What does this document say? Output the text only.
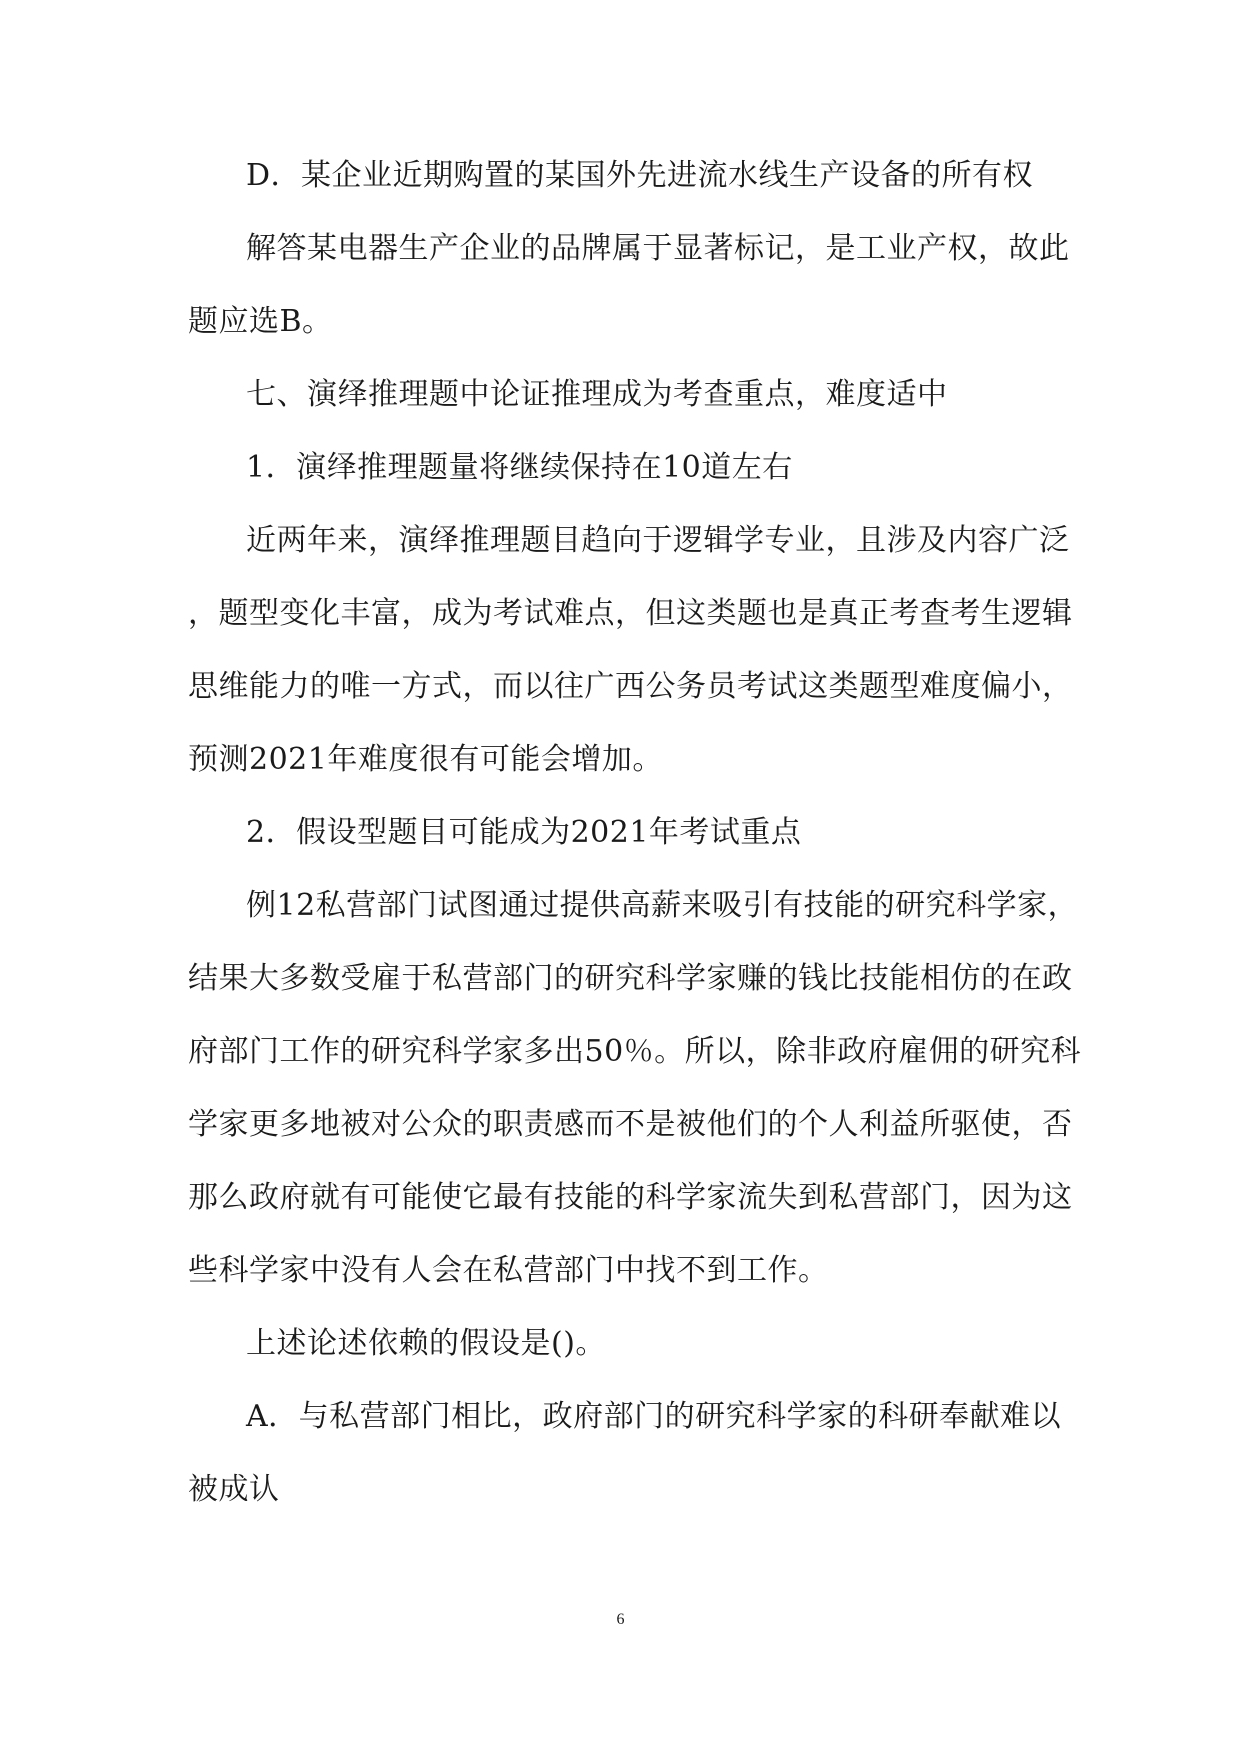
D．某企业近期购置的某国外先进流水线生产设备的所有权
解答某电器生产企业的品牌属于显著标记，是工业产权，故此
题应选B。
七、演绎推理题中论证推理成为考查重点，难度适中
1．演绎推理题量将继续保持在10道左右
近两年来，演绎推理题目趋向于逻辑学专业，且涉及内容广泛
，题型变化丰富，成为考试难点，但这类题也是真正考查考生逻辑
思维能力的唯一方式，而以往广西公务员考试这类题型难度偏小，
预测2021年难度很有可能会增加。
2．假设型题目可能成为2021年考试重点
例12私营部门试图通过提供高薪来吸引有技能的研究科学家，
结果大多数受雇于私营部门的研究科学家赚的钱比技能相仿的在政
府部门工作的研究科学家多出50％。所以，除非政府雇佣的研究科
学家更多地被对公众的职责感而不是被他们的个人利益所驱使，否
那么政府就有可能使它最有技能的科学家流失到私营部门，因为这
些科学家中没有人会在私营部门中找不到工作。
上述论述依赖的假设是()。
A．与私营部门相比，政府部门的研究科学家的科研奉献难以
被成认
6
